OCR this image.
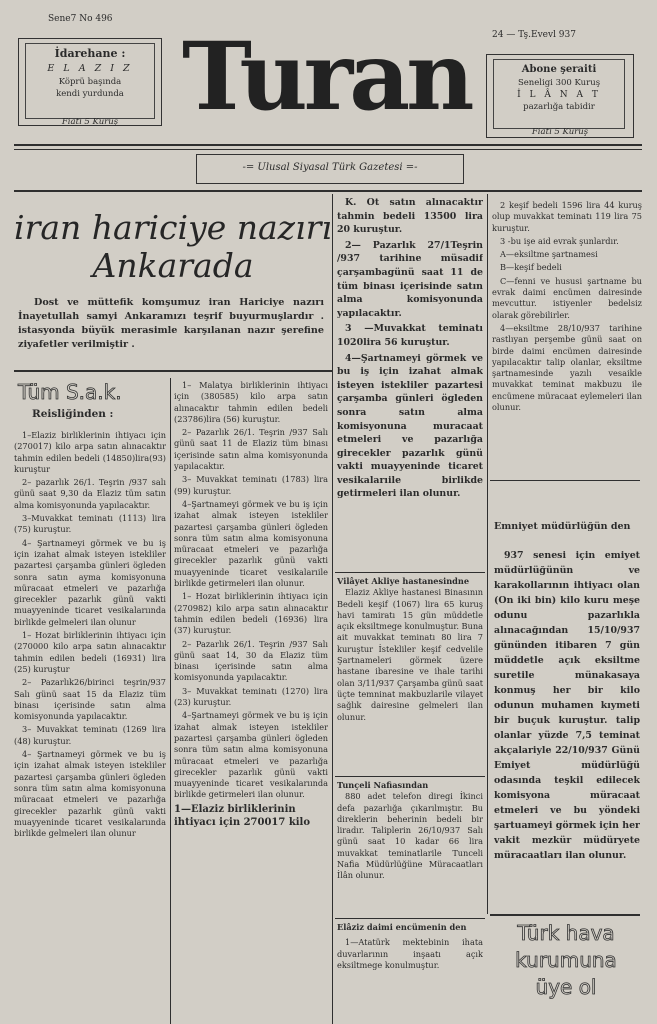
Sene7 No 496
24 — Tş.Evevl 937
İdarehane :
E L A Z I Z
Köprü başında
kendi yurdunda
Fiatı 5 Kuruş Turan	Abone şeraiti
Seneligi 300 Kuruş
İ L Â N A T
pazarlığa tabidir
Fiatı 5 Kuruş
-= Ulusal Siyasal Türk Gazetesi =-
iran hariciye nazırı
Ankarada
Dost ve müttefik komşumuz iran Hariciye nazırı İnayetullah samyi Ankaramızı teşrif buyurmuşlardır . istasyonda büyük merasimle karşılanan nazır şerefine ziyafetler verilmiştir .
Tüm S.a.k.
Reisliğinden :

1–Elaziz birliklerinin ihtiyacı için (270017) kilo arpa satın alınacaktır tahmin edilen bedeli (14850)lira(93) kuruştur

2– pazarlık 26/1. Teşrin /937 salı günü saat 9,30 da Elaziz tüm satın alma komisyonunda yapılacaktır.

3–Muvakkat teminatı (1113) lira (75) kuruştur.

4– Şartnameyi görmek ve bu iş için izahat almak isteyen istekliler pazartesi çarşamba günleri ögleden sonra satın ayma komisyonuna müracaat etmeleri ve pazarlığa girecekler pazarlık günü vakti muayyeninde ticaret vesikalarıında birlikde gelmeleri ilan olunur

1– Hozat birliklerinin ihtiyacı için (270000 kilo arpa satın alınacaktır tahmin edilen bedeli (16931) lira (25) kuruştur

2– Pazarlık26/birinci teşrin/937 Salı günü saat 15 da Elaziz tüm binası içerisinde satın alma komisyonunda yapılacaktır.

3– Muvakkat teminatı (1269 lira (48) kuruştur.

4– Şartnameyi görmek ve bu iş için izahat almak isteyen istekliler pazartesi çarşamba günleri ögleden sonra tüm satın alma komisyonuna müracaat etmeleri ve pazarlığa girecekler pazarlık günü vakti muayyeninde ticaret vesikalarıında birlikde gelmeleri ilan olunur

1– Malatya birliklerinin ihtiyacı için (380585) kilo arpa satın alınacaktır tahmin edilen bedeli (23786)lira (56) kuruştur.

2– Pazarlık 26/1. Teşrin /937 Salı günü saat 11 de Elaziz tüm binası içerisinde satın alma komisyonunda yapılacaktır.

3– Muvakkat teminatı (1783) lira (99) kuruştur.

4–Şartnameyi görmek ve bu iş için izahat almak isteyen istekliler pazartesi çarşamba günleri ögleden sonra tüm satın alma komisyonuna müracaat etmeleri ve pazarlığa girecekler pazarlık günü vakti muayyeninde ticaret vesikalarıile birlikde getirmeleri ilan olunur.

1– Hozat birliklerinin ihtiyacı için (270982) kilo arpa satın alınacaktır tahmin edilen bedeli (16936) lira (37) kuruştur.

2– Pazarlık 26/1. Teşrin /937 Salı günü saat 14, 30 da Elaziz tüm binası içerisinde satın alma komisyonunda yapılacaktır.

3– Muvakkat teminatı (1270) lira (23) kuruştur.

4–Şartnameyi görmek ve bu iş için izahat almak isteyen istekliler pazartesi çarşamba günleri ögleden sonra tüm satın alma komisyonuna müracaat etmeleri ve pazarlığa girecekler pazarlık günü vakti muayyeninde ticaret vesikalarıında birlikde getirmeleri ilan olunur.

1—Elaziz birliklerinin ihtiyacı için 270017 kilo

K. Ot satın alınacaktır tahmin bedeli 13500 lira 20 kuruştur.

2— Pazarlık 27/1Teşrin /937 tarihine müsadif çarşambagünü saat 11 de tüm binası içerisinde satın alma komisyonunda yapılacaktır.

3 —Muvakkat teminatı 1020lira 56 kuruştur.

4—Şartnameyi görmek ve bu iş için izahat almak isteyen istekliler pazartesi çarşamba günleri ögleden sonra satın alma komisyonuna muracaat etmeleri ve pazarlığa girecekler pazarlık günü vakti muayyeninde ticaret vesikalarıile birlikde getirmeleri ilan olunur.

Vilâyet Akliye hastanesindne
Elaziz Akliye hastanesi Binasının Bedeli keşif (1067) lira 65 kuruş havi tamiratı 15 gün müddetle açık eksiltmege konulmuştur. Buna ait muvakkat teminatı 80 lira 7 kuruştur İstekliler keşif cedvelile Şartnameleri görmek üzere hastane ibaresine ve ihale tarihi olan 3/11/937 Çarşamba günü saat üçte temninat makbuzlarile vilayet sağlık dairesine gelmeleri ilan olunur.
Tunçeli Nafiasından
880 adet telefon diregi İkinci defa pazarlığa çıkarılmıştır. Bu direklerin beherinin bedeli bir liradır. Taliplerin 26/10/937 Salı günü saat 10 kadar 66 lira muvakkat teminatlarile Tunceli Nafia Müdürlüğüne Müracaatları İlân olunur.
Elâziz daimi encümenin den
1—Atatürk mektebinin ihata duvarlarının inşaatı açık eksiltmege konulmuştur.

2 keşif bedeli 1596 lira 44 kuruş olup muvakkat teminatı 119 lira 75 kuruştur.

3 -bu işe aid evrak şunlardır.

A—eksiltme şartnamesi

B—keşif bedeli

C—fenni ve hususi şartname bu evrak daimi encümen dairesinde mevcuttur. istiyenler bedelsiz olarak görebilirler.

4—eksiltme 28/10/937 tarihine rastlıyan perşembe günü saat on birde daimi encümen dairesinde yapılacaktır talip olanlar, eksiltme şartnamesinde yazılı vesaikle muvakkat teminat makbuzu ile encümene müracaat eylemeleri ilan olunur.

Emniyet müdürlüğün den
937 senesi için emiyet müdürlüğünün ve karakollarının ihtiyacı olan (On iki bin) kilo kuru meşe odunu pazarlıkla alınacağından 15/10/937 gününden itibaren 7 gün müddetle açık eksiltme suretile münakasaya konmuş her bir kilo odunun muhamen kıymeti bir buçuk kuruştur. talip olanlar yüzde 7,5 teminat akçalariyle 22/10/937 Günü Emiyet müdürlüğü odasında teşkil edilecek komisyona müracaat etmeleri ve bu yöndeki şartuameyi görmek için her vakit mezkür müdüryete müracaatları ilan olunur.
Türk hava
kurumuna
üye ol
